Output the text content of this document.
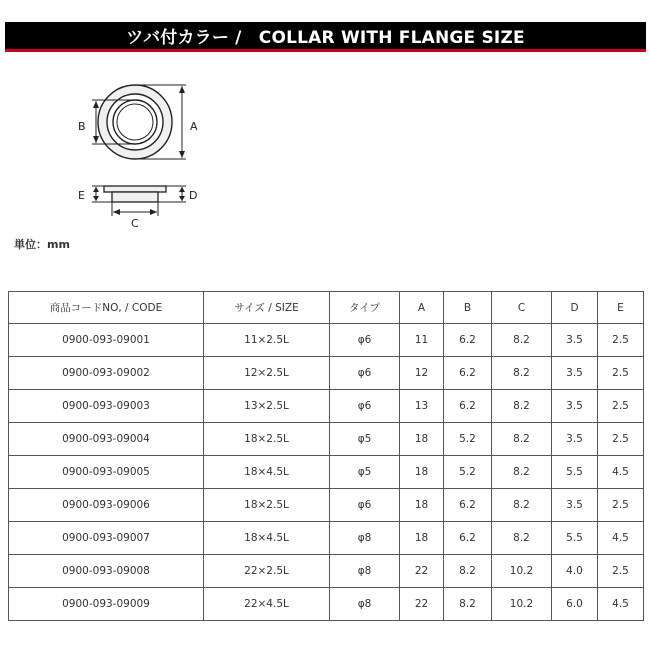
ツバ付カラー /　COLLAR WITH FLANGE SIZE
A
B
D
E
C
単位：mm
商品コードNO, / CODE	サイズ / SIZE	タイプ	A	B	C	D	E
0900-093-09001	11×2.5L	φ6	11	6.2	8.2	3.5	2.5
0900-093-09002	12×2.5L	φ6	12	6.2	8.2	3.5	2.5
0900-093-09003	13×2.5L	φ6	13	6.2	8.2	3.5	2.5
0900-093-09004	18×2.5L	φ5	18	5.2	8.2	3.5	2.5
0900-093-09005	18×4.5L	φ5	18	5.2	8.2	5.5	4.5
0900-093-09006	18×2.5L	φ6	18	6.2	8.2	3.5	2.5
0900-093-09007	18×4.5L	φ8	18	6.2	8.2	5.5	4.5
0900-093-09008	22×2.5L	φ8	22	8.2	10.2	4.0	2.5
0900-093-09009	22×4.5L	φ8	22	8.2	10.2	6.0	4.5
